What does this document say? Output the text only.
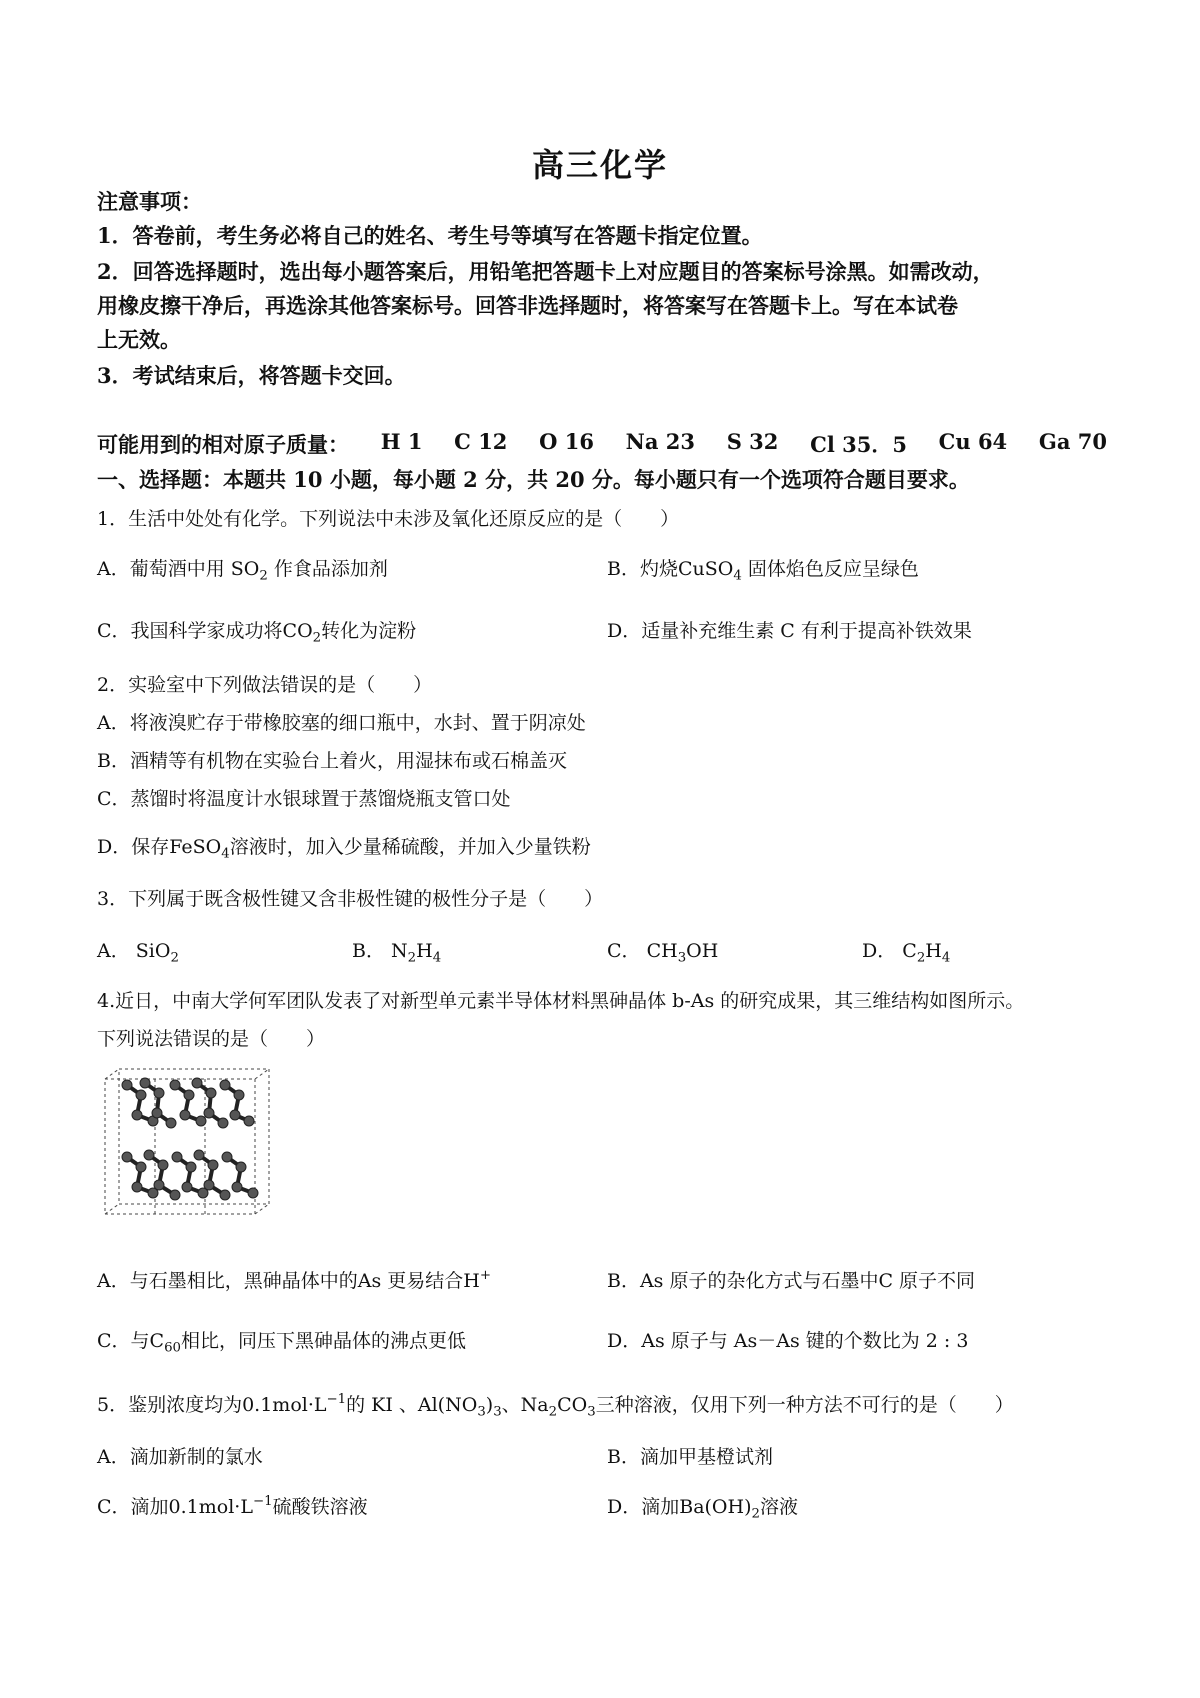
高三化学
注意事项：
1．答卷前，考生务必将自己的姓名、考生号等填写在答题卡指定位置。
2．回答选择题时，选出每小题答案后，用铅笔把答题卡上对应题目的答案标号涂黑。如需改动，
用橡皮擦干净后，再选涂其他答案标号。回答非选择题时，将答案写在答题卡上。写在本试卷
上无效。
3．考试结束后，将答题卡交回。
可能用到的相对原子质量： H 1 C 12 O 16 Na 23 S 32 Cl 35．5 Cu 64 Ga 70
一、选择题：本题共 10 小题，每小题 2 分，共 20 分。每小题只有一个选项符合题目要求。
1．生活中处处有化学。下列说法中未涉及氧化还原反应的是（　　）
A．葡萄酒中用 $SO_2$ 作食品添加剂	B．灼烧CuSO$_4$ 固体焰色反应呈绿色
C．我国科学家成功将$CO_2$转化为淀粉	D．适量补充维生素 C 有利于提高补铁效果
2．实验室中下列做法错误的是（　　）
A．将液溴贮存于带橡胶塞的细口瓶中，水封、置于阴凉处
B．酒精等有机物在实验台上着火，用湿抹布或石棉盖灭
C．蒸馏时将温度计水银球置于蒸馏烧瓶支管口处
D．保存FeSO$_4$溶液时，加入少量稀硫酸，并加入少量铁粉
3．下列属于既含极性键又含非极性键的极性分子是（　　）
A． SiO$_2$	B． $N_2H_4$	C． $CH_3OH$	D． $C_2H_4$
4.近日，中南大学何军团队发表了对新型单元素半导体材料黑砷晶体 b-As 的研究成果，其三维结构如图所示。
下列说法错误的是（　　）
A．与石墨相比，黑砷晶体中的As 更易结合H+	B．As 原子的杂化方式与石墨中C 原子不同
C．与$C_{60}$相比，同压下黑砷晶体的沸点更低	D．As 原子与 As－As 键的个数比为 2 : 3
5．鉴别浓度均为$0.1mol\cdot L^{-1}$的 KI 、$Al(NO_3)_3$、$Na_2CO_3$三种溶液，仅用下列一种方法不可行的是（　　）
A．滴加新制的氯水	B．滴加甲基橙试剂
C．滴加$0.1mol\cdot L^{-1}$硫酸铁溶液	D．滴加$Ba(OH)_2$溶液
